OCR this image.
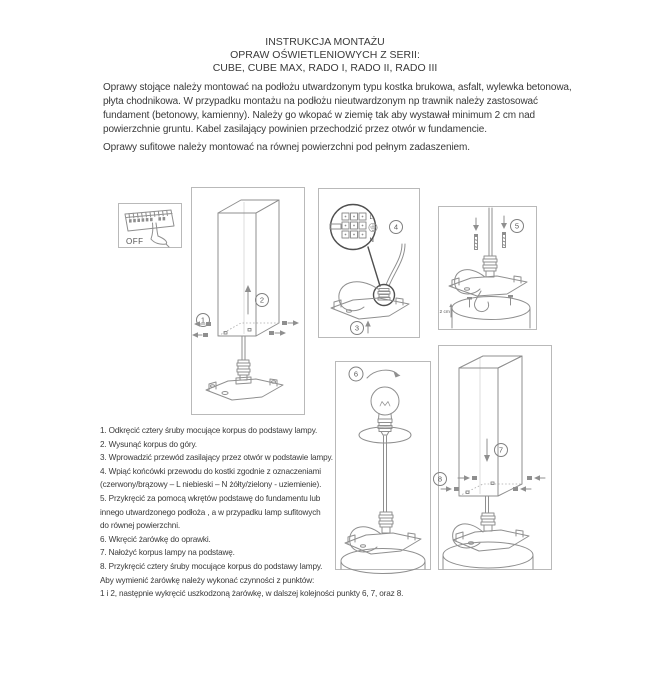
INSTRUKCJA MONTAŻU
OPRAW OŚWIETLENIOWYCH Z SERII:
CUBE, CUBE MAX, RADO I, RADO II, RADO III
Oprawy stojące należy montować na podłożu utwardzonym typu kostka brukowa, asfalt, wylewka betonowa, płyta chodnikowa. W przypadku montażu na podłożu nieutwardzonym np trawnik należy zastosować fundament (betonowy, kamienny). Należy go wkopać w ziemię tak aby wystawał minimum 2 cm nad powierzchnie gruntu. Kabel zasilający powinien przechodzić przez otwór w fundamencie.
Oprawy sufitowe należy montować na równej powierzchni pod pełnym zadaszeniem.
OFF
2
1
L
N
4
3
5
2 cm
6
7
8
1. Odkręcić cztery śruby mocujące korpus do podstawy lampy.
2. Wysunąć korpus do góry.
3. Wprowadzić przewód zasilający przez otwór w podstawie lampy.
4. Wpiąć końcówki przewodu do kostki zgodnie z oznaczeniami
(czerwony/brązowy – L niebieski – N żółty/zielony - uziemienie).
5. Przykręcić za pomocą wkrętów podstawę do fundamentu lub
innego utwardzonego podłoża , a w przypadku lamp sufitowych
do równej powierzchni.
6. Wkręcić żarówkę do oprawki.
7. Nałożyć korpus lampy na podstawę.
8. Przykręcić cztery śruby mocujące korpus do podstawy lampy.
Aby wymienić żarówkę należy wykonać czynności z punktów:
1 i 2, następnie wykręcić uszkodzoną żarówkę, w dalszej kolejności punkty 6, 7, oraz 8.
